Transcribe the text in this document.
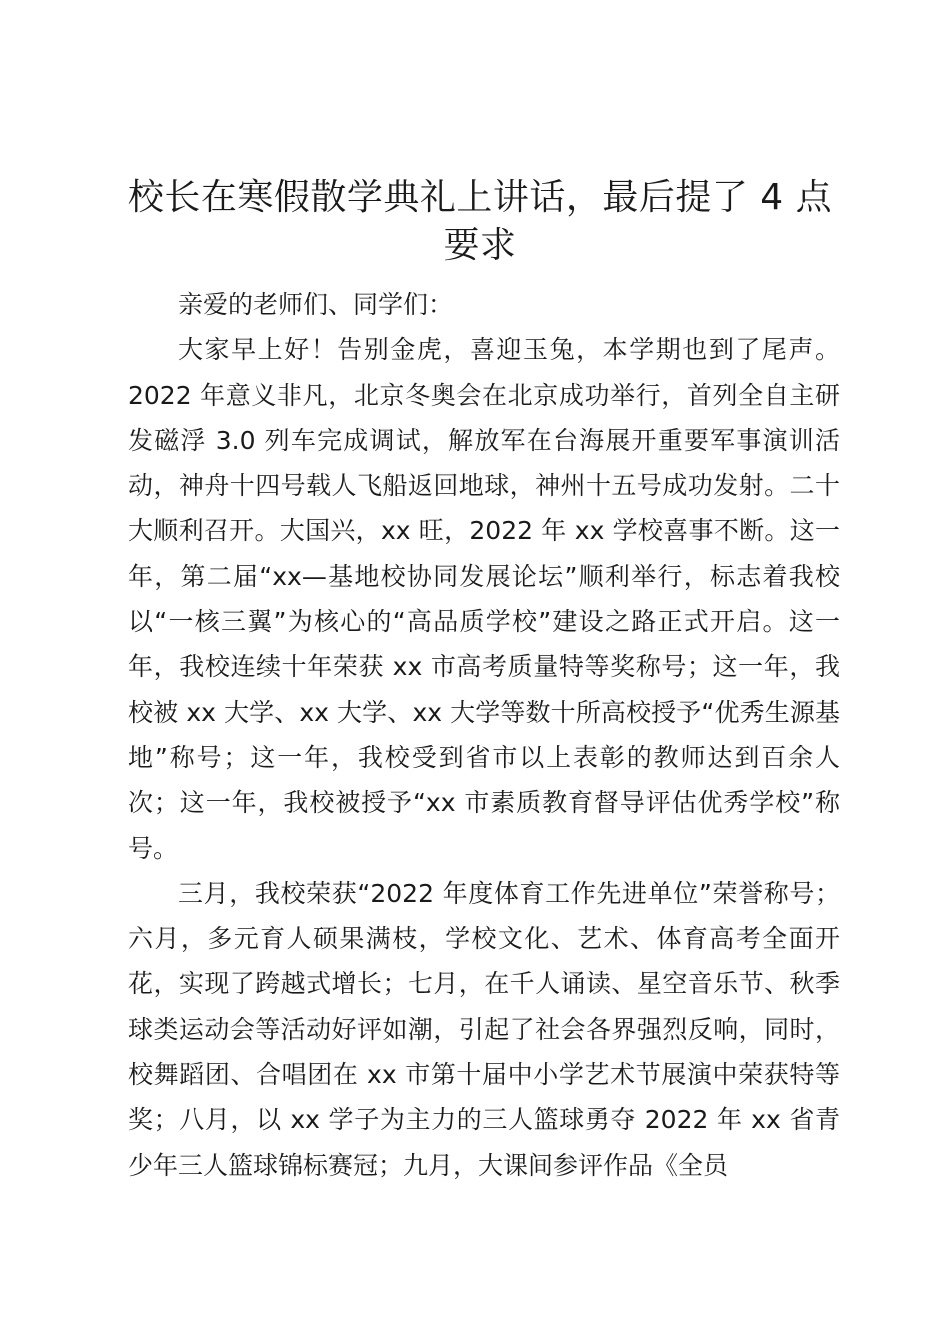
校长在寒假散学典礼上讲话，最后提了 4 点要求

亲爱的老师们、同学们：

大家早上好！告别金虎，喜迎玉兔，本学期也到了尾声。2022 年意义非凡，北京冬奥会在北京成功举行，首列全自主研发磁浮 3.0 列车完成调试，解放军在台海展开重要军事演训活动，神舟十四号载人飞船返回地球，神州十五号成功发射。二十大顺利召开。大国兴，xx 旺，2022 年 xx 学校喜事不断。这一年，第二届“xx—基地校协同发展论坛”顺利举行，标志着我校以“一核三翼”为核心的“高品质学校”建设之路正式开启。这一年，我校连续十年荣获 xx 市高考质量特等奖称号；这一年，我校被 xx 大学、xx 大学、xx 大学等数十所高校授予“优秀生源基地”称号；这一年，我校受到省市以上表彰的教师达到百余人次；这一年，我校被授予“xx 市素质教育督导评估优秀学校”称号。

三月，我校荣获“2022 年度体育工作先进单位”荣誉称号；六月，多元育人硕果满枝，学校文化、艺术、体育高考全面开花，实现了跨越式增长；七月，在千人诵读、星空音乐节、秋季球类运动会等活动好评如潮，引起了社会各界强烈反响，同时，校舞蹈团、合唱团在 xx 市第十届中小学艺术节展演中荣获特等奖；八月，以 xx 学子为主力的三人篮球勇夺 2022 年 xx 省青少年三人篮球锦标赛冠；九月，大课间参评作品《全员
